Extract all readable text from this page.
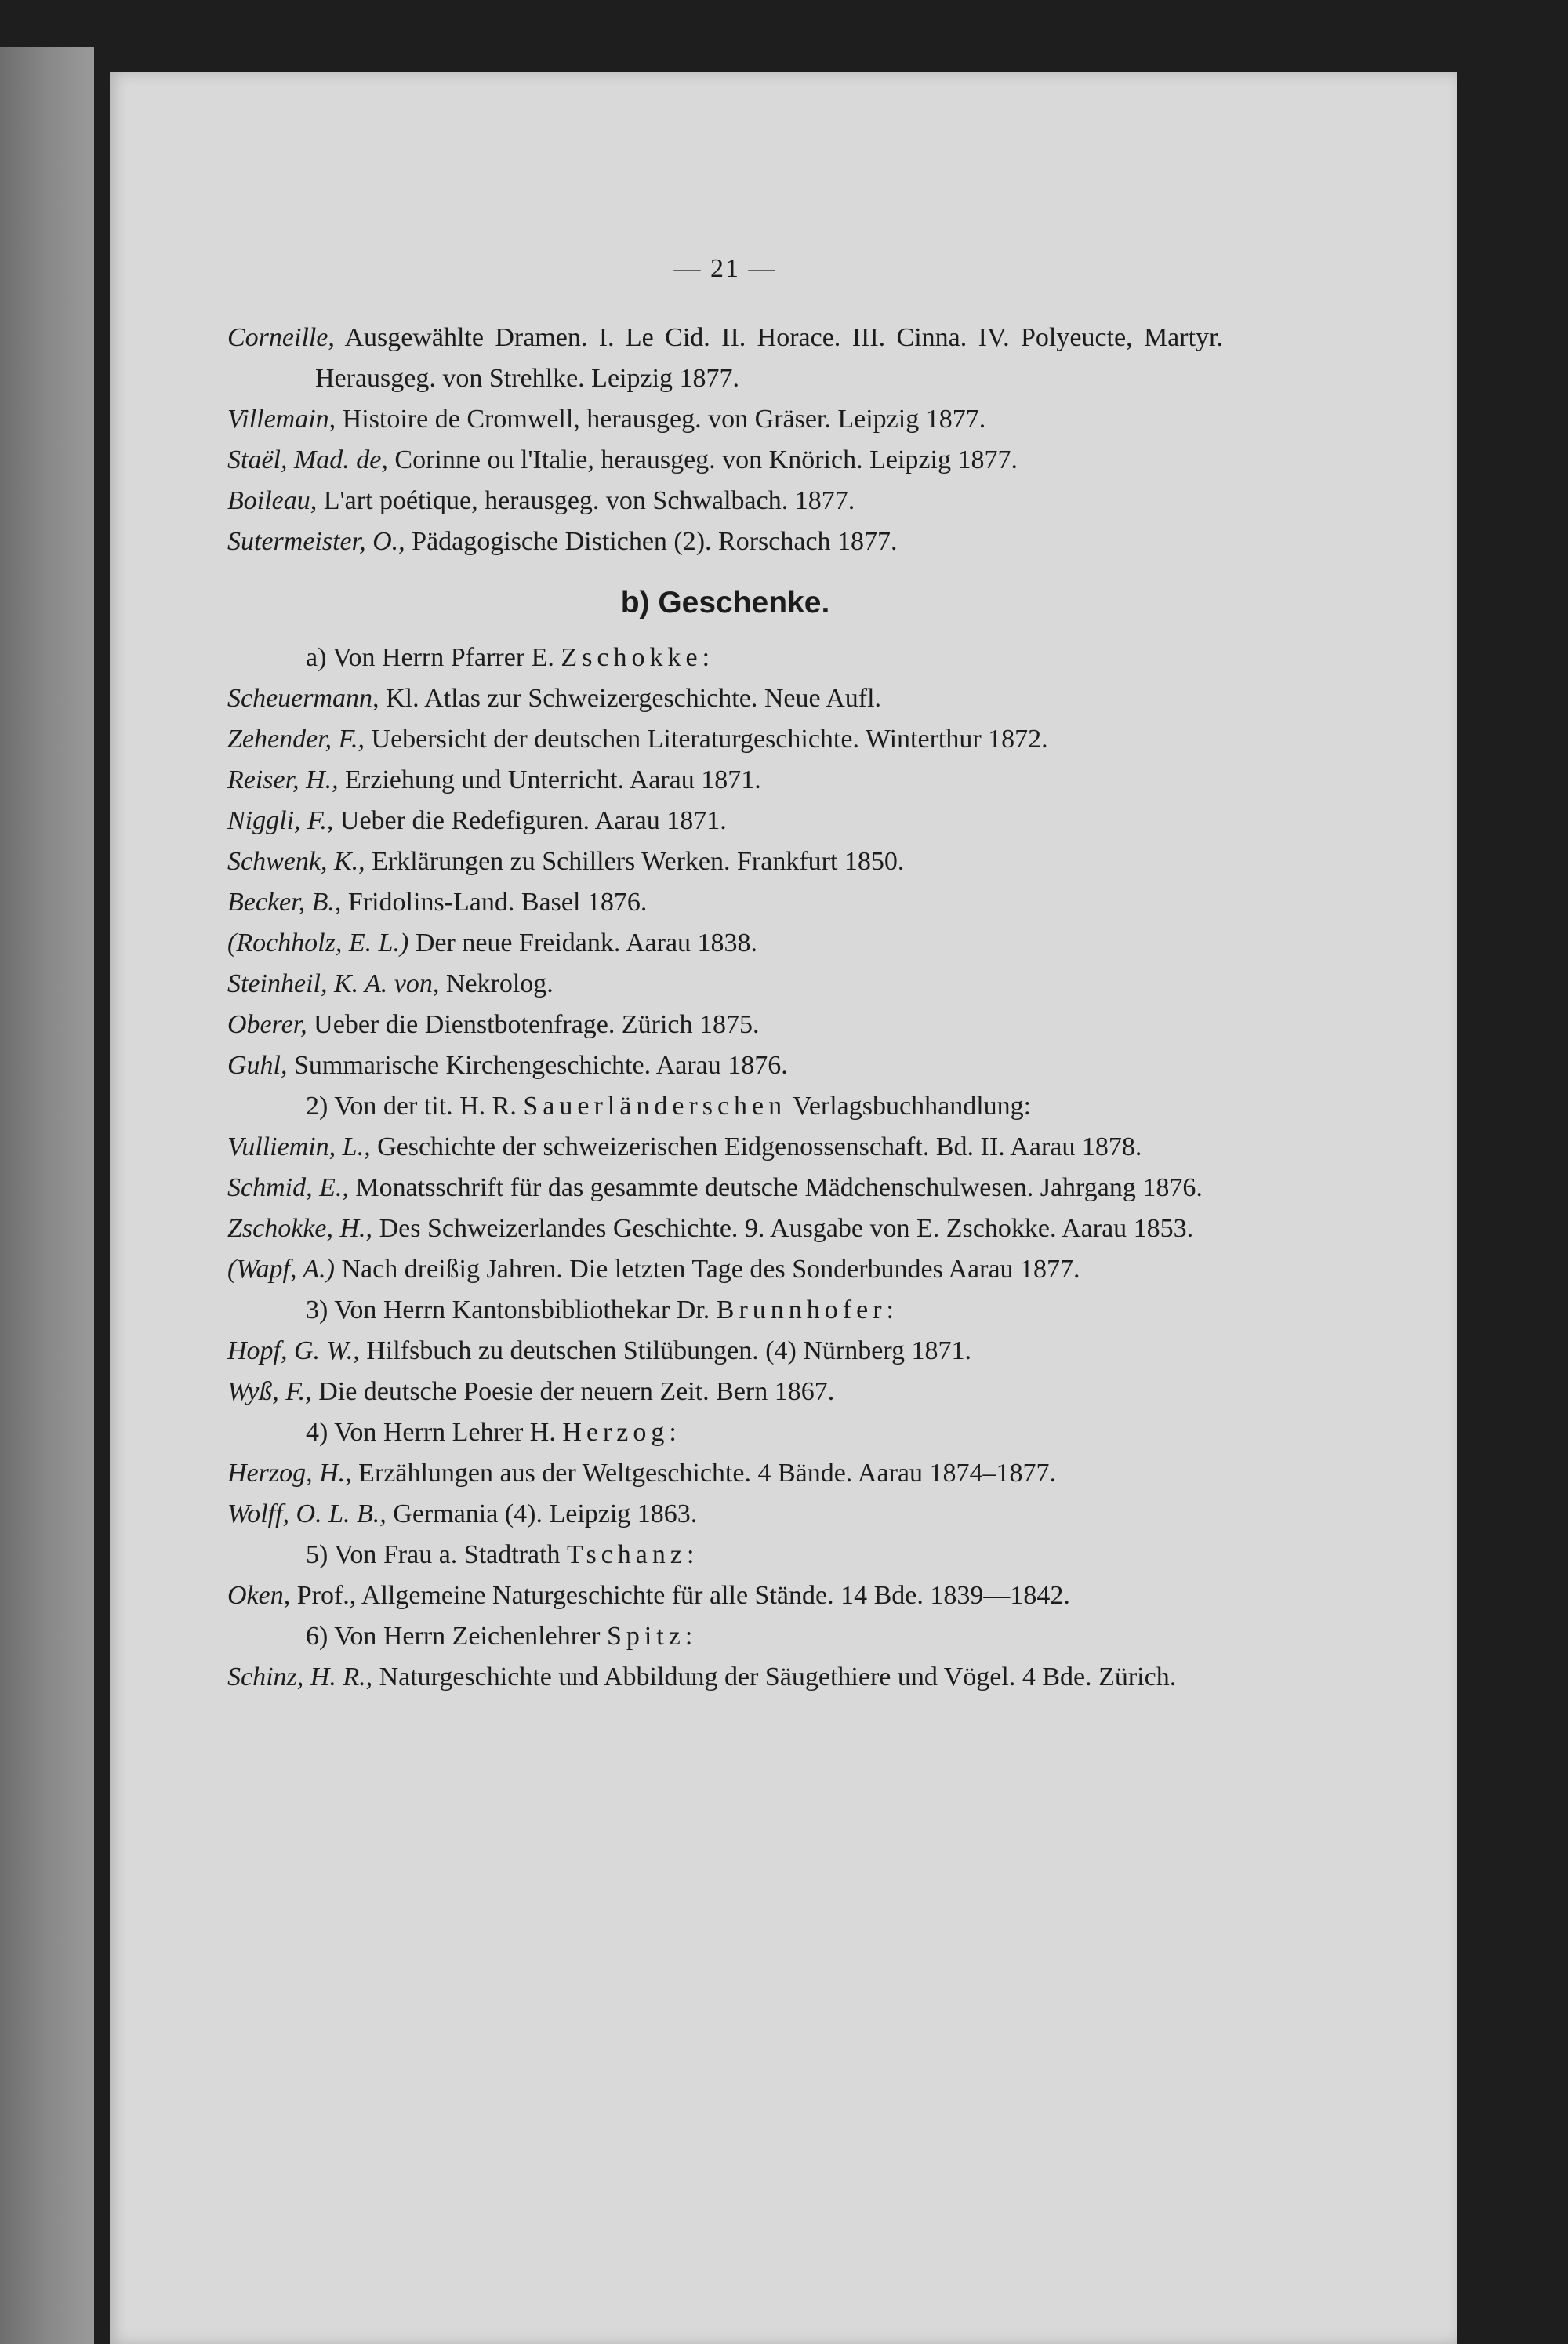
— 21 —
Corneille, Ausgewählte Dramen. I. Le Cid. II. Horace. III. Cinna. IV. Polyeucte, Martyr. Herausgeg. von Strehlke. Leipzig 1877.
Villemain, Histoire de Cromwell, herausgeg. von Gräser. Leipzig 1877.
Staël, Mad. de, Corinne ou l'Italie, herausgeg. von Knörich. Leipzig 1877.
Boileau, L'art poétique, herausgeg. von Schwalbach. 1877.
Sutermeister, O., Pädagogische Distichen (2). Rorschach 1877.
b) Geschenke.
a) Von Herrn Pfarrer E. Zschokke:
Scheuermann, Kl. Atlas zur Schweizergeschichte. Neue Aufl.
Zehender, F., Uebersicht der deutschen Literaturgeschichte. Winterthur 1872.
Reiser, H., Erziehung und Unterricht. Aarau 1871.
Niggli, F., Ueber die Redefiguren. Aarau 1871.
Schwenk, K., Erklärungen zu Schillers Werken. Frankfurt 1850.
Becker, B., Fridolins-Land. Basel 1876.
(Rochholz, E. L.) Der neue Freidank. Aarau 1838.
Steinheil, K. A. von, Nekrolog.
Oberer, Ueber die Dienstbotenfrage. Zürich 1875.
Guhl, Summarische Kirchengeschichte. Aarau 1876.
2) Von der tit. H. R. Sauerländerschen Verlagsbuchhandlung:
Vulliemin, L., Geschichte der schweizerischen Eidgenossenschaft. Bd. II. Aarau 1878.
Schmid, E., Monatsschrift für das gesammte deutsche Mädchenschulwesen. Jahrgang 1876.
Zschokke, H., Des Schweizerlandes Geschichte. 9. Ausgabe von E. Zschokke. Aarau 1853.
(Wapf, A.) Nach dreißig Jahren. Die letzten Tage des Sonderbundes Aarau 1877.
3) Von Herrn Kantonsbibliothekar Dr. Brunnhofer:
Hopf, G. W., Hilfsbuch zu deutschen Stilübungen. (4) Nürnberg 1871.
Wyß, F., Die deutsche Poesie der neuern Zeit. Bern 1867.
4) Von Herrn Lehrer H. Herzog:
Herzog, H., Erzählungen aus der Weltgeschichte. 4 Bände. Aarau 1874–1877.
Wolff, O. L. B., Germania (4). Leipzig 1863.
5) Von Frau a. Stadtrath Tschanz:
Oken, Prof., Allgemeine Naturgeschichte für alle Stände. 14 Bde. 1839—1842.
6) Von Herrn Zeichenlehrer Spitz:
Schinz, H. R., Naturgeschichte und Abbildung der Säugethiere und Vögel. 4 Bde. Zürich.
